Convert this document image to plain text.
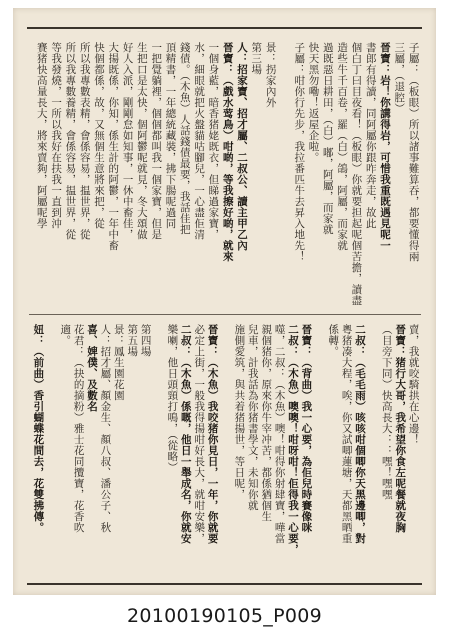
子屬：（板眼）所以諸事難算吞，都要懂得兩
三屬，（退腔）
晉寶：岩！你講得岩，可惜我重既遇見呢一
書郎有得讀，同阿屬你跟咋奔走，故此
個白丁曰目夜看！（板眼）你就要担起呢個苦擔，讀盡
造些牛千百卷，羅（白）鴿，阿屬，而家就
過既惡日耕田，（白）嘟，阿屬，而家就
快天黑勿嘞！返屋企啦。
子屬：咁你行先步，我拉番匹牛去昇入地先！
景：拐家內外
第三場
人：招家寶、招才屬、二叔公、讀主甲乙內
晉寶：（戲水莺鳥）咁啲，等我擦好啲，就來
一個身藍，暗香猪姥既衣，但睇過家寶，
水，細眼就把火盤貓咕腳兒，一心盡佢清
錢債。（木魚）人話錢債最要，我話佳把
頂精書，一年總統藏裝，拂下腸呢過同
一把覺躺裡，個個都叫我一個家寶，但是
生把口是太快，個阿鬱呢就見，冬大頌做
好人入派，剛剛怠如知事，一休中畜佳，
大揚既係，你知，係生計的阿鬱，一年中畜
快個都係，故，又無個生意將來把，從
所以我專數表精，會係容易，揾世界，從
所以我專數養精，會係容易，揾世界，從
等我發燒，一所以我好在扶我一直到沖
賽猪快高量長大，將來賣夠，阿屬呢學
賣，我就咬騎拱在心邊！
晉寶：猪行大哥，我希望你食左呢餐就夜胸
（目旁下同）快高長大：：嘿！嘿嘿
二叔：（毛毛雨）咳咳咁個唧你天黑邊唧，對
粵猪凑大程，唉，你又試唧蓮塘，天都黑晒重
係轉。
晉寶：（背曲）我一心要，為佢兒時賽像咪
二叔：（木魚）噢噢！咁呀咁！佢得我一心要，
噬，二叔：（木魚）噢！咁得你射肆寶，嘩當
親個猪你，原來你牛宰冲苦，都係猶個生
兒車，計我話為你猪書學文，未知你就
施側愛筑，與共着猪揚世，等日呢，
晉寶：（木魚）我咬猪你見日，一年，你就要
必定上街，一般我得揚咁好長大，就咁安樂，
二叔：（木魚）係嘅，他日一舉成名，你就安
樂喇，他日頭頸打鳴，（從略）
第四場
第五場
景：鳳生園花園
人：招才屬、顏金生、顏八叔、潘公子、秋
喜、婢僕、及數名
花君：（抉的摘粉）雅士花同攬寶，花香吹
適。
妞：（前曲）香引蝴蝶花間去，花雙拂傳。
20100190105_P009
